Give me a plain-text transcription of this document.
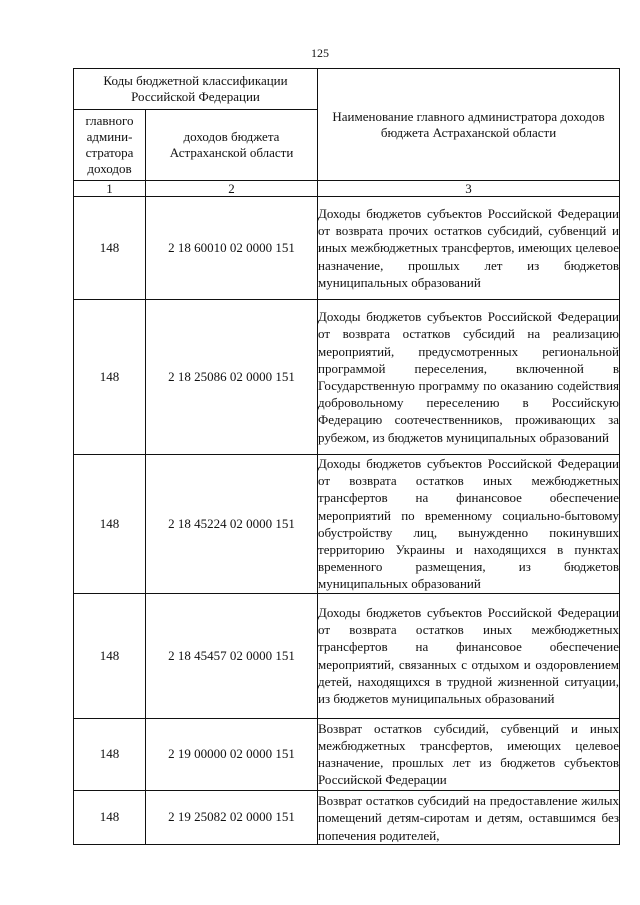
125
Коды бюджетной классификации Российской Федерации		Наименование главного администратора доходов бюджета Астраханской области
главного админи-стратора доходов	доходов бюджета Астраханской области	
1	2	3
148	2 18 60010 02 0000 151	Доходы бюджетов субъектов Российской Федерации от возврата прочих остатков субсидий, субвенций и иных межбюджетных трансфертов, имеющих целевое назначение, прошлых лет из бюджетов муниципальных образований
148	2 18 25086 02 0000 151	Доходы бюджетов субъектов Российской Федерации от возврата остатков субсидий на реализацию мероприятий, предусмотренных региональной программой переселения, включенной в Государственную программу по оказанию содействия добровольному переселению в Российскую Федерацию соотечественников, проживающих за рубежом, из бюджетов муниципальных образований
148	2 18 45224 02 0000 151	Доходы бюджетов субъектов Российской Федерации от возврата остатков иных межбюджетных трансфертов на финансовое обеспечение мероприятий по временному социально-бытовому обустройству лиц, вынужденно покинувших территорию Украины и находящихся в пунктах временного размещения, из бюджетов муниципальных образований
148	2 18 45457 02 0000 151	Доходы бюджетов субъектов Российской Федерации от возврата остатков иных межбюджетных трансфертов на финансовое обеспечение мероприятий, связанных с отдыхом и оздоровлением детей, находящихся в трудной жизненной ситуации, из бюджетов муниципальных образований
148	2 19 00000 02 0000 151	Возврат остатков субсидий, субвенций и иных межбюджетных трансфертов, имеющих целевое назначение, прошлых лет из бюджетов субъектов Российской Федерации
148	2 19 25082 02 0000 151	Возврат остатков субсидий на предоставление жилых помещений детям-сиротам и детям, оставшимся без попечения родителей,
